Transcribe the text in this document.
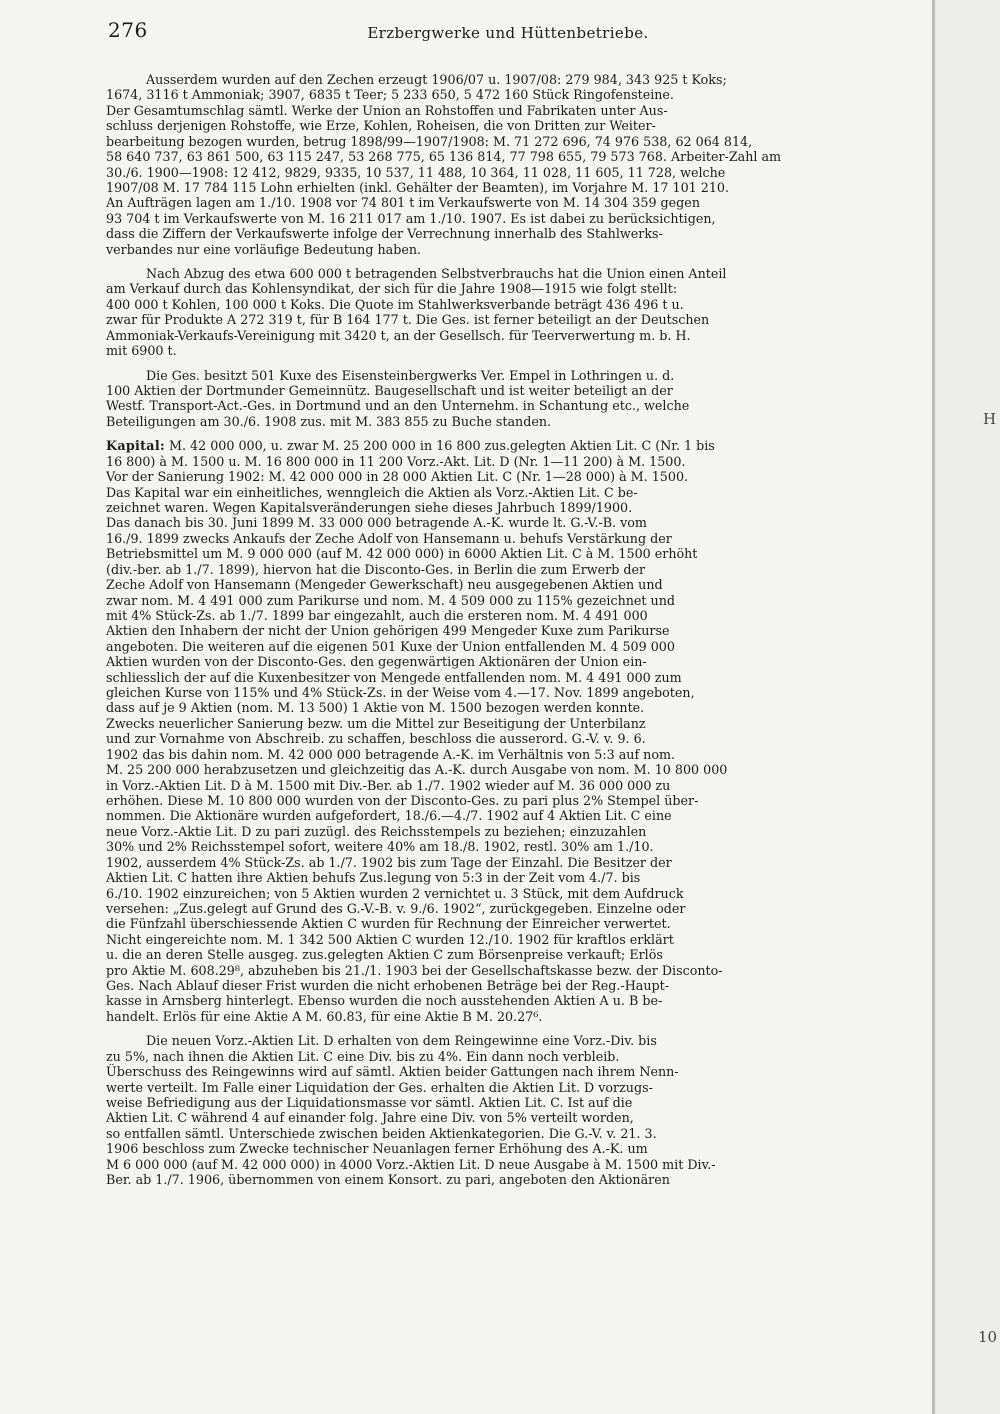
276	Erzbergwerke und Hüttenbetriebe.
Ausserdem wurden auf den Zechen erzeugt 1906/07 u. 1907/08: 279 984, 343 925 t Koks;
1674, 3116 t Ammoniak; 3907, 6835 t Teer; 5 233 650, 5 472 160 Stück Ringofensteine.
Der Gesamtumschlag sämtl. Werke der Union an Rohstoffen und Fabrikaten unter Aus-
schluss derjenigen Rohstoffe, wie Erze, Kohlen, Roheisen, die von Dritten zur Weiter-
bearbeitung bezogen wurden, betrug 1898/99—1907/1908: M. 71 272 696, 74 976 538, 62 064 814,
58 640 737, 63 861 500, 63 115 247, 53 268 775, 65 136 814, 77 798 655, 79 573 768. Arbeiter-Zahl am
30./6. 1900—1908: 12 412, 9829, 9335, 10 537, 11 488, 10 364, 11 028, 11 605, 11 728, welche
1907/08 M. 17 784 115 Lohn erhielten (inkl. Gehälter der Beamten), im Vorjahre M. 17 101 210.
An Aufträgen lagen am 1./10. 1908 vor 74 801 t im Verkaufswerte von M. 14 304 359 gegen
93 704 t im Verkaufswerte von M. 16 211 017 am 1./10. 1907. Es ist dabei zu berücksichtigen,
dass die Ziffern der Verkaufswerte infolge der Verrechnung innerhalb des Stahlwerks-
verbandes nur eine vorläufige Bedeutung haben.
Nach Abzug des etwa 600 000 t betragenden Selbstverbrauchs hat die Union einen Anteil
am Verkauf durch das Kohlensyndikat, der sich für die Jahre 1908—1915 wie folgt stellt:
400 000 t Kohlen, 100 000 t Koks. Die Quote im Stahlwerksverbande beträgt 436 496 t u.
zwar für Produkte A 272 319 t, für B 164 177 t. Die Ges. ist ferner beteiligt an der Deutschen
Ammoniak-Verkaufs-Vereinigung mit 3420 t, an der Gesellsch. für Teerverwertung m. b. H.
mit 6900 t.
Die Ges. besitzt 501 Kuxe des Eisensteinbergwerks Ver. Empel in Lothringen u. d.
100 Aktien der Dortmunder Gemeinnütz. Baugesellschaft und ist weiter beteiligt an der
Westf. Transport-Act.-Ges. in Dortmund und an den Unternehm. in Schantung etc., welche
Beteiligungen am 30./6. 1908 zus. mit M. 383 855 zu Buche standen.
Kapital: M. 42 000 000, u. zwar M. 25 200 000 in 16 800 zus.gelegten Aktien Lit. C (Nr. 1 bis
16 800) à M. 1500 u. M. 16 800 000 in 11 200 Vorz.-Akt. Lit. D (Nr. 1—11 200) à M. 1500.
Vor der Sanierung 1902: M. 42 000 000 in 28 000 Aktien Lit. C (Nr. 1—28 000) à M. 1500.
Das Kapital war ein einheitliches, wenngleich die Aktien als Vorz.-Aktien Lit. C be-
zeichnet waren. Wegen Kapitalsveränderungen siehe dieses Jahrbuch 1899/1900.
Das danach bis 30. Juni 1899 M. 33 000 000 betragende A.-K. wurde lt. G.-V.-B. vom
16./9. 1899 zwecks Ankaufs der Zeche Adolf von Hansemann u. behufs Verstärkung der
Betriebsmittel um M. 9 000 000 (auf M. 42 000 000) in 6000 Aktien Lit. C à M. 1500 erhöht
(div.-ber. ab 1./7. 1899), hiervon hat die Disconto-Ges. in Berlin die zum Erwerb der
Zeche Adolf von Hansemann (Mengeder Gewerkschaft) neu ausgegebenen Aktien und
zwar nom. M. 4 491 000 zum Parikurse und nom. M. 4 509 000 zu 115% gezeichnet und
mit 4% Stück-Zs. ab 1./7. 1899 bar eingezahlt, auch die ersteren nom. M. 4 491 000
Aktien den Inhabern der nicht der Union gehörigen 499 Mengeder Kuxe zum Parikurse
angeboten. Die weiteren auf die eigenen 501 Kuxe der Union entfallenden M. 4 509 000
Aktien wurden von der Disconto-Ges. den gegenwärtigen Aktionären der Union ein-
schliesslich der auf die Kuxenbesitzer von Mengede entfallenden nom. M. 4 491 000 zum
gleichen Kurse von 115% und 4% Stück-Zs. in der Weise vom 4.—17. Nov. 1899 angeboten,
dass auf je 9 Aktien (nom. M. 13 500) 1 Aktie von M. 1500 bezogen werden konnte.
Zwecks neuerlicher Sanierung bezw. um die Mittel zur Beseitigung der Unterbilanz
und zur Vornahme von Abschreib. zu schaffen, beschloss die ausserord. G.-V. v. 9. 6.
1902 das bis dahin nom. M. 42 000 000 betragende A.-K. im Verhältnis von 5:3 auf nom.
M. 25 200 000 herabzusetzen und gleichzeitig das A.-K. durch Ausgabe von nom. M. 10 800 000
in Vorz.-Aktien Lit. D à M. 1500 mit Div.-Ber. ab 1./7. 1902 wieder auf M. 36 000 000 zu
erhöhen. Diese M. 10 800 000 wurden von der Disconto-Ges. zu pari plus 2% Stempel über-
nommen. Die Aktionäre wurden aufgefordert, 18./6.—4./7. 1902 auf 4 Aktien Lit. C eine
neue Vorz.-Aktie Lit. D zu pari zuzügl. des Reichsstempels zu beziehen; einzuzahlen
30% und 2% Reichsstempel sofort, weitere 40% am 18./8. 1902, restl. 30% am 1./10.
1902, ausserdem 4% Stück-Zs. ab 1./7. 1902 bis zum Tage der Einzahl. Die Besitzer der
Aktien Lit. C hatten ihre Aktien behufs Zus.legung von 5:3 in der Zeit vom 4./7. bis
6./10. 1902 einzureichen; von 5 Aktien wurden 2 vernichtet u. 3 Stück, mit dem Aufdruck
versehen: „Zus.gelegt auf Grund des G.-V.-B. v. 9./6. 1902“, zurückgegeben. Einzelne oder
die Fünfzahl überschiessende Aktien C wurden für Rechnung der Einreicher verwertet.
Nicht eingereichte nom. M. 1 342 500 Aktien C wurden 12./10. 1902 für kraftlos erklärt
u. die an deren Stelle ausgeg. zus.gelegten Aktien C zum Börsenpreise verkauft; Erlös
pro Aktie M. 608.29⁸, abzuheben bis 21./1. 1903 bei der Gesellschaftskasse bezw. der Disconto-
Ges. Nach Ablauf dieser Frist wurden die nicht erhobenen Beträge bei der Reg.-Haupt-
kasse in Arnsberg hinterlegt. Ebenso wurden die noch ausstehenden Aktien A u. B be-
handelt. Erlös für eine Aktie A M. 60.83, für eine Aktie B M. 20.27⁶.
Die neuen Vorz.-Aktien Lit. D erhalten von dem Reingewinne eine Vorz.-Div. bis
zu 5%, nach ihnen die Aktien Lit. C eine Div. bis zu 4%. Ein dann noch verbleib.
Überschuss des Reingewinns wird auf sämtl. Aktien beider Gattungen nach ihrem Nenn-
werte verteilt. Im Falle einer Liquidation der Ges. erhalten die Aktien Lit. D vorzugs-
weise Befriedigung aus der Liquidationsmasse vor sämtl. Aktien Lit. C. Ist auf die
Aktien Lit. C während 4 auf einander folg. Jahre eine Div. von 5% verteilt worden,
so entfallen sämtl. Unterschiede zwischen beiden Aktienkategorien. Die G.-V. v. 21. 3.
1906 beschloss zum Zwecke technischer Neuanlagen ferner Erhöhung des A.-K. um
M 6 000 000 (auf M. 42 000 000) in 4000 Vorz.-Aktien Lit. D neue Ausgabe à M. 1500 mit Div.-
Ber. ab 1./7. 1906, übernommen von einem Konsort. zu pari, angeboten den Aktionären
H
10
